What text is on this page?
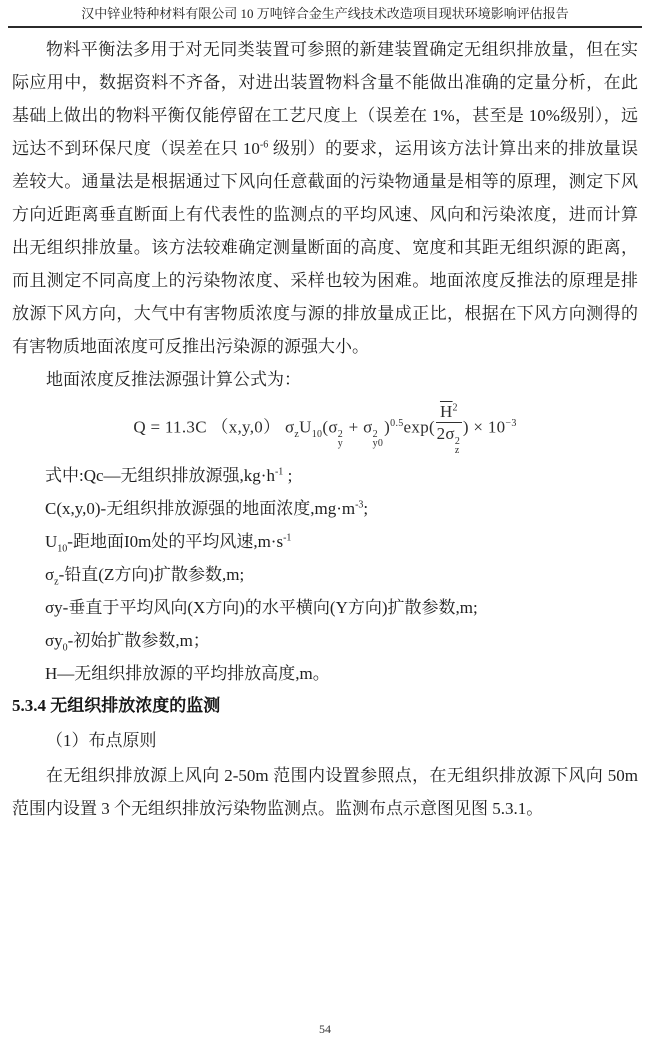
汉中锌业特种材料有限公司 10 万吨锌合金生产线技术改造项目现状环境影响评估报告

物料平衡法多用于对无同类装置可参照的新建装置确定无组织排放量，但在实际应用中，数据资料不齐备，对进出装置物料含量不能做出准确的定量分析，在此基础上做出的物料平衡仅能停留在工艺尺度上（误差在 1%，甚至是 10%级别），远远达不到环保尺度（误差在只 $10^{-6}$ 级别）的要求，运用该方法计算出来的排放量误差较大。通量法是根据通过下风向任意截面的污染物通量是相等的原理，测定下风方向近距离垂直断面上有代表性的监测点的平均风速、风向和污染浓度，进而计算出无组织排放量。该方法较难确定测量断面的高度、宽度和其距无组织源的距离，而且测定不同高度上的污染物浓度、采样也较为困难。地面浓度反推法的原理是排放源下风方向，大气中有害物质浓度与源的排放量成正比，根据在下风方向测得的有害物质地面浓度可反推出污染源的源强大小。

地面浓度反推法源强计算公式为：

Q = 11.3C （x,y,0） $\sigma_zU_{10}(\sigma$ 2
y
+ σ 2
y0
)$^{0.5}$exp( $\overline{H}^2$
2σ 2
z ) × $10^{-3}$
式中:Qc—无组织排放源强$,kg\cdot h^{-1}$ ;
C(x,y,0)-无组织排放源强的地面浓度$,mg\cdot m^{-3}$;
$U_{10}-$距地面I0m处的平均风速$,m\cdot s^{-1}$
$\sigma_z-$铅直(Z方向)扩散参数,m;
σy-垂直于平均风向(X方向)的水平横向(Y方向)扩散参数,m;
$\sigma y_0-$初始扩散参数,m；
H—无组织排放源的平均排放高度,m。
5.3.4 无组织排放浓度的监测

（1）布点原则

在无组织排放源上风向 2-50m 范围内设置参照点，在无组织排放源下风向 50m 范围内设置 3 个无组织排放污染物监测点。监测布点示意图见图 5.3.1。

54
